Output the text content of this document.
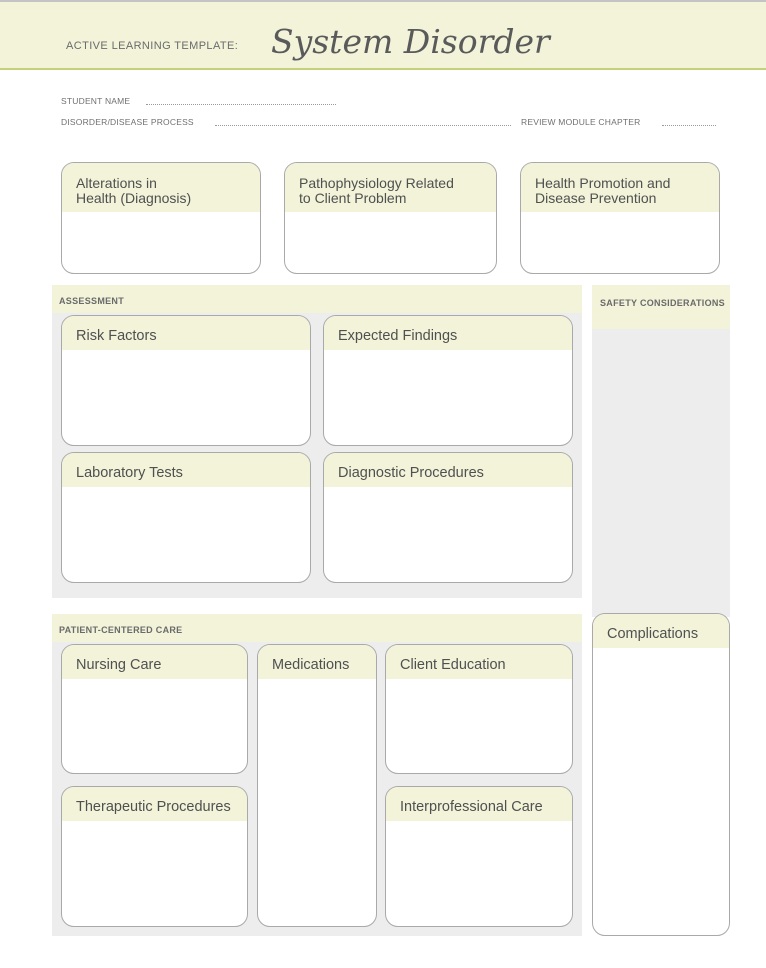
ACTIVE LEARNING TEMPLATE: System Disorder
STUDENT NAME
DISORDER/DISEASE PROCESS	REVIEW MODULE CHAPTER
Alterations in
Health (Diagnosis)
Pathophysiology Related
to Client Problem
Health Promotion and
Disease Prevention
ASSESSMENT
Risk Factors	Expected Findings
Laboratory Tests	Diagnostic Procedures
SAFETY CONSIDERATIONS
PATIENT-CENTERED CARE
Nursing Care	Medications	Client Education
Therapeutic Procedures	Interprofessional Care
Complications
